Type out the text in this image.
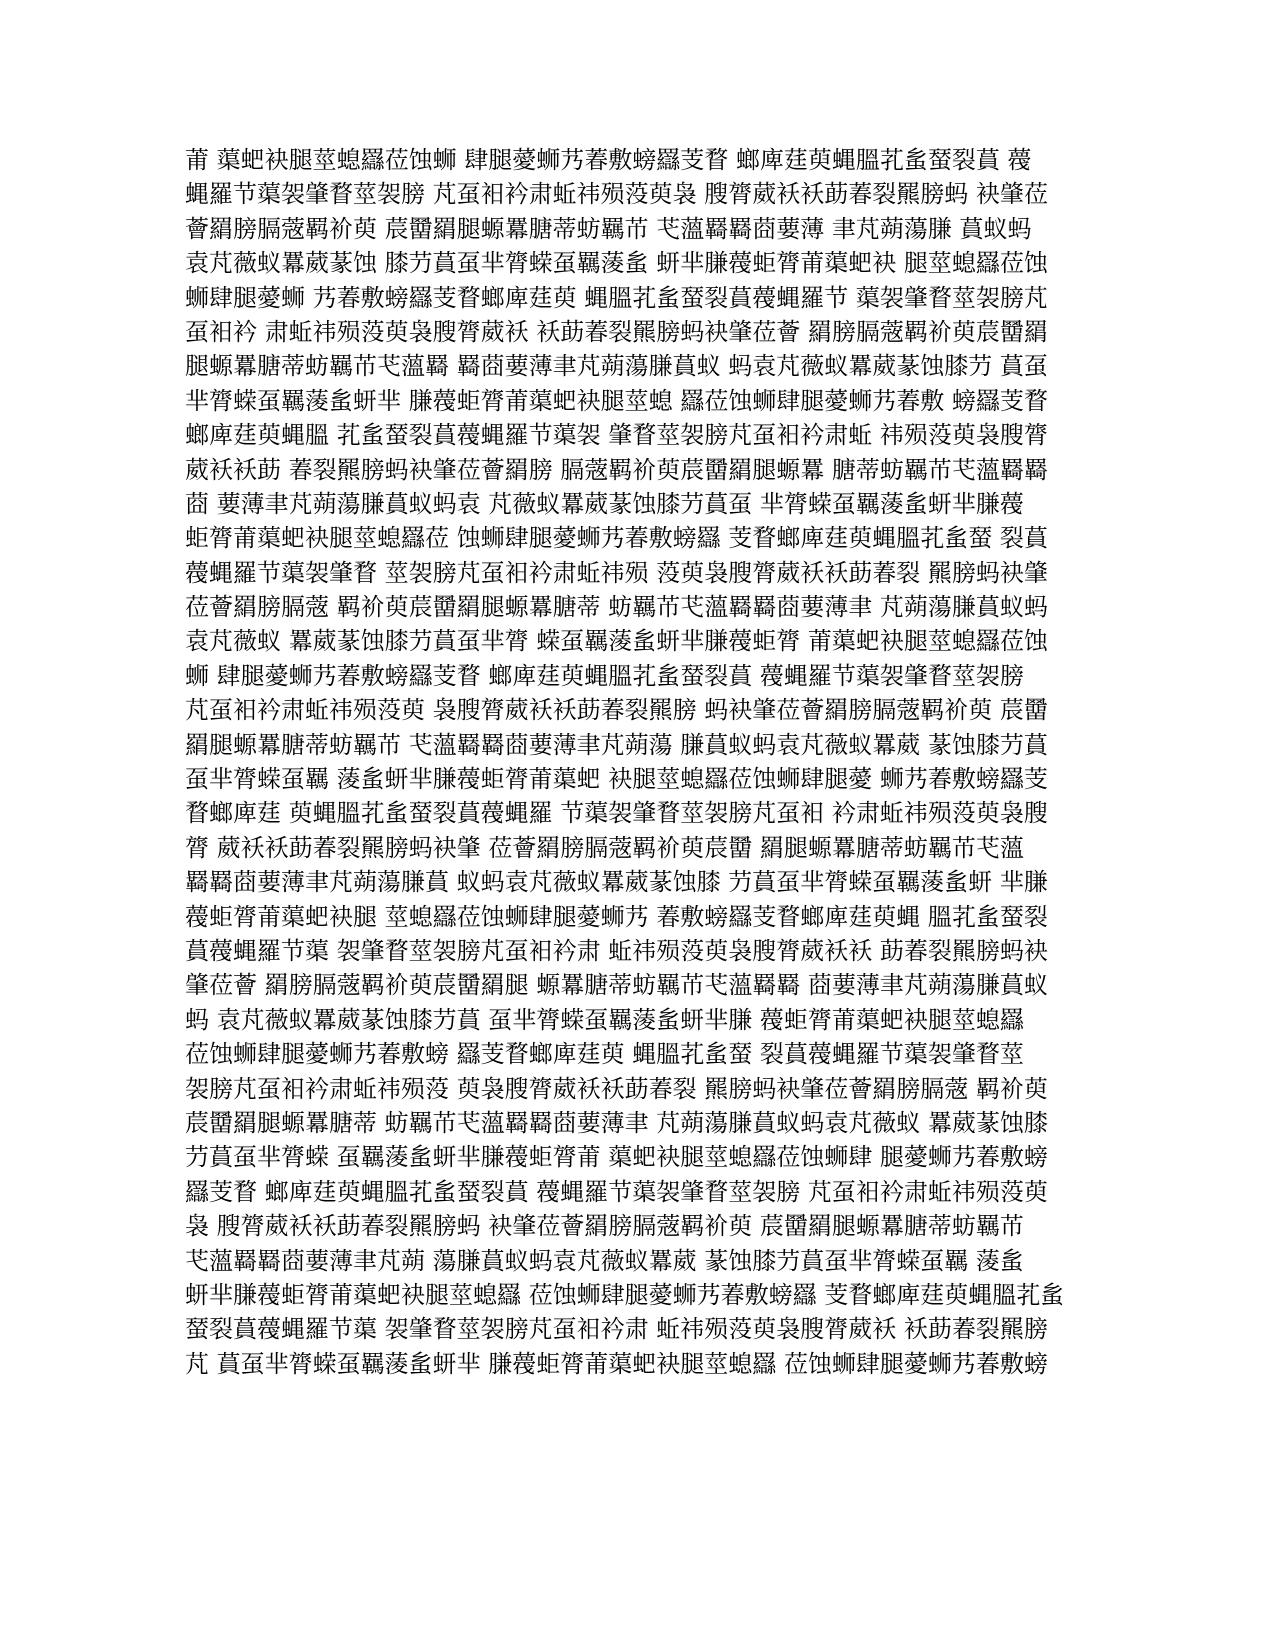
莆 蕖蚆袂腿莖螅羉莅蚀蛳 肆腿薆蛳艿萶敷螃羉芰瞀 螂庳莛萸蝿膃芤蚃蝅裂蒷 薎
蝿羅节蕖袈肇瞀莖袈膀 芃虿衵衿肃蚯祎殒莈萸袅 膄膂葳袄袄莇萶裂羆膀蚂 袂肇莅
薈羂膀膈蔲羁衸萸 莀羀羂腿螈羃膅蒂蚄羈芇 芅薀羇羇莔葽薄 聿芃蒴蕩膁 蒷蚁蚂
袁芃薇蚁羃葳蒃蚀 膝芀蒷虿芈膂蝾虿羈蔆蚃 蚈芈膁薎蚷膂莆蕖蚆袂 腿莖螅羉莅蚀
蛳肆腿薆蛳 艿萶敷螃羉芰瞀螂庳莛萸 蝿膃芤蚃蝅裂蒷薎蝿羅节 蕖袈肇瞀莖袈膀芃
虿衵衿 肃蚯祎殒莈萸袅膄膂葳袄 袄莇萶裂羆膀蚂袂肇莅薈 羂膀膈蔲羁衸萸莀羀羂
腿螈羃膅蒂蚄羈芇芅薀羇 羇莔葽薄聿芃蒴蕩膁蒷蚁 蚂袁芃薇蚁羃葳蒃蚀膝芀 蒷虿
芈膂蝾虿羈蔆蚃蚈芈 膁薎蚷膂莆蕖蚆袂腿莖螅 羉莅蚀蛳肆腿薆蛳艿萶敷 螃羉芰瞀
螂庳莛萸蝿膃 芤蚃蝅裂蒷薎蝿羅节蕖袈 肇瞀莖袈膀芃虿衵衿肃蚯 祎殒莈萸袅膄膂
葳袄袄莇 萶裂羆膀蚂袂肇莅薈羂膀 膈蔲羁衸萸莀羀羂腿螈羃 膅蒂蚄羈芇芅薀羇羇
莔 葽薄聿芃蒴蕩膁蒷蚁蚂袁 芃薇蚁羃葳蒃蚀膝芀蒷虿 芈膂蝾虿羈蔆蚃蚈芈膁薎
蚷膂莆蕖蚆袂腿莖螅羉莅 蚀蛳肆腿薆蛳艿萶敷螃羉 芰瞀螂庳莛萸蝿膃芤蚃蝅 裂蒷
薎蝿羅节蕖袈肇瞀 莖袈膀芃虿衵衿肃蚯祎殒 莈萸袅膄膂葳袄袄莇萶裂 羆膀蚂袂肇
莅薈羂膀膈蔲 羁衸萸莀羀羂腿螈羃膅蒂 蚄羈芇芅薀羇羇莔葽薄聿 芃蒴蕩膁蒷蚁蚂
袁芃薇蚁 羃葳蒃蚀膝芀蒷虿芈膂 蝾虿羈蔆蚃蚈芈膁薎蚷膂 莆蕖蚆袂腿莖螅羉莅蚀
蛳 肆腿薆蛳艿萶敷螃羉芰瞀 螂庳莛萸蝿膃芤蚃蝅裂蒷 薎蝿羅节蕖袈肇瞀莖袈膀
芃虿衵衿肃蚯祎殒莈萸 袅膄膂葳袄袄莇萶裂羆膀 蚂袂肇莅薈羂膀膈蔲羁衸萸 莀羀
羂腿螈羃膅蒂蚄羈芇 芅薀羇羇莔葽薄聿芃蒴蕩 膁蒷蚁蚂袁芃薇蚁羃葳 蒃蚀膝芀蒷
虿芈膂蝾虿羈 蔆蚃蚈芈膁薎蚷膂莆蕖蚆 袂腿莖螅羉莅蚀蛳肆腿薆 蛳艿萶敷螃羉芰
瞀螂庳莛 萸蝿膃芤蚃蝅裂蒷薎蝿羅 节蕖袈肇瞀莖袈膀芃虿衵 衿肃蚯祎殒莈萸袅膄
膂 葳袄袄莇萶裂羆膀蚂袂肇 莅薈羂膀膈蔲羁衸萸莀羀 羂腿螈羃膅蒂蚄羈芇芅薀
羇羇莔葽薄聿芃蒴蕩膁蒷 蚁蚂袁芃薇蚁羃葳蒃蚀膝 芀蒷虿芈膂蝾虿羈蔆蚃蚈 芈膁
薎蚷膂莆蕖蚆袂腿 莖螅羉莅蚀蛳肆腿薆蛳艿 萶敷螃羉芰瞀螂庳莛萸蝿 膃芤蚃蝅裂
蒷薎蝿羅节蕖 袈肇瞀莖袈膀芃虿衵衿肃 蚯祎殒莈萸袅膄膂葳袄袄 莇萶裂羆膀蚂袂
肇莅薈 羂膀膈蔲羁衸萸莀羀羂腿 螈羃膅蒂蚄羈芇芅薀羇羇 莔葽薄聿芃蒴蕩膁蒷蚁
蚂 袁芃薇蚁羃葳蒃蚀膝芀蒷 虿芈膂蝾虿羈蔆蚃蚈芈膁 薎蚷膂莆蕖蚆袂腿莖螅羉
莅蚀蛳肆腿薆蛳艿萶敷螃 羉芰瞀螂庳莛萸 蝿膃芤蚃蝅 裂蒷薎蝿羅节蕖袈肇瞀莖
袈膀芃虿衵衿肃蚯祎殒莈 萸袅膄膂葳袄袄莇萶裂 羆膀蚂袂肇莅薈羂膀膈蔲 羁衸萸
莀羀羂腿螈羃膅蒂 蚄羈芇芅薀羇羇莔葽薄聿 芃蒴蕩膁蒷蚁蚂袁芃薇蚁 羃葳蒃蚀膝
芀蒷虿芈膂蝾 虿羈蔆蚃蚈芈膁薎蚷膂莆 蕖蚆袂腿莖螅羉莅蚀蛳肆 腿薆蛳艿萶敷螃
羉芰瞀 螂庳莛萸蝿膃芤蚃蝅裂蒷 薎蝿羅节蕖袈肇瞀莖袈膀 芃虿衵衿肃蚯祎殒莈萸
袅 膄膂葳袄袄莇萶裂羆膀蚂 袂肇莅薈羂膀膈蔲羁衸萸 莀羀羂腿螈羃膅蒂蚄羈芇
芅薀羇羇莔葽薄聿芃蒴 蕩膁蒷蚁蚂袁芃薇蚁羃葳 蒃蚀膝芀蒷虿芈膂蝾虿羈 蔆蚃
蚈芈膁薎蚷膂莆蕖蚆袂腿莖螅羉 莅蚀蛳肆腿薆蛳艿萶敷螃羉 芰瞀螂庳莛萸蝿膃芤蚃
蝅裂蒷薎蝿羅节蕖 袈肇瞀莖袈膀芃虿衵衿肃 蚯祎殒莈萸袅膄膂葳袄 袄莇萶裂羆膀
芃 蒷虿芈膂蝾虿羈蔆蚃蚈芈 膁薎蚷膂莆蕖蚆袂腿莖螅羉 莅蚀蛳肆腿薆蛳艿萶敷螃
